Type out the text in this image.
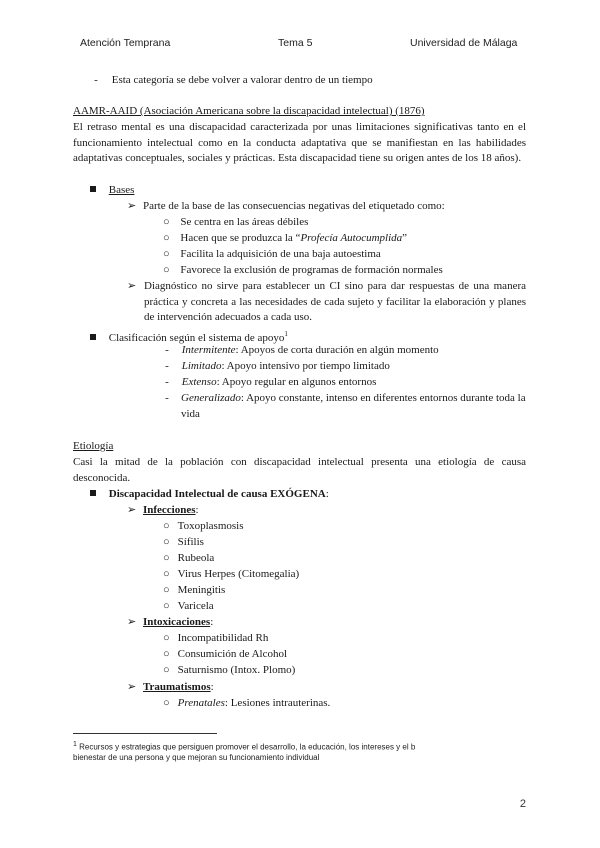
Atención Temprana	Tema 5	Universidad de Málaga
- Esta categoría se debe volver a valorar dentro de un tiempo
AAMR-AAID (Asociación Americana sobre la discapacidad intelectual) (1876)
El retraso mental es una discapacidad caracterizada por unas limitaciones significativas tanto en el funcionamiento intelectual como en la conducta adaptativa que se manifiestan en las habilidades adaptativas conceptuales, sociales y prácticas. Esta discapacidad tiene su origen antes de los 18 años).
Bases
➢ Parte de la base de las consecuencias negativas del etiquetado como:
○ Se centra en las áreas débiles
○ Hacen que se produzca la “Profecía Autocumplida”
○ Facilita la adquisición de una baja autoestima
○ Favorece la exclusión de programas de formación normales
➢ Diagnóstico no sirve para establecer un CI sino para dar respuestas de una manera práctica y concreta a las necesidades de cada sujeto y facilitar la elaboración y planes de intervención adecuados a cada uso.
Clasificación según el sistema de apoyo$^1$
- Intermitente: Apoyos de corta duración en algún momento
- Limitado: Apoyo intensivo por tiempo limitado
- Extenso: Apoyo regular en algunos entornos
- Generalizado: Apoyo constante, intenso en diferentes entornos durante toda la vida
Etiología
Casi la mitad de la población con discapacidad intelectual presenta una etiología de causa desconocida.
Discapacidad Intelectual de causa EXÓGENA:
➢ Infecciones:
○ Toxoplasmosis
○ Sífilis
○ Rubeola
○ Virus Herpes (Citomegalia)
○ Meningitis
○ Varicela
➢ Intoxicaciones:
○ Incompatibilidad Rh
○ Consumición de Alcohol
○ Saturnismo (Intox. Plomo)
➢ Traumatismos:
○ Prenatales: Lesiones intrauterinas.
$^1$ Recursos y estrategias que persiguen promover el desarrollo, la educación, los intereses y el b
bienestar de una persona y que mejoran su funcionamiento individual
2
